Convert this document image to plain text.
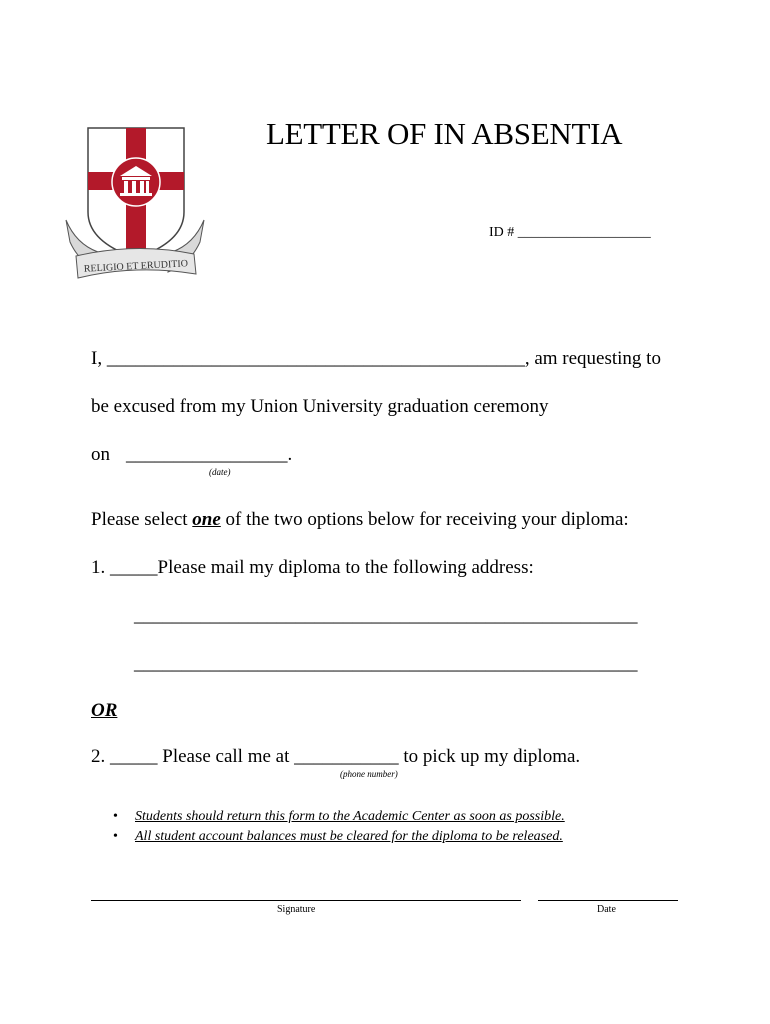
RELIGIO ET ERUDITIO
LETTER OF IN ABSENTIA
ID # ___________________
I, ____________________________________________, am requesting to
be excused from my Union University graduation ceremony
on _________________.
(date)
Please select one of the two options below for receiving your diploma:
1. _____Please mail my diploma to the following address:
_____________________________________________________
_____________________________________________________
OR
2. _____ Please call me at ___________ to pick up my diploma.
(phone number)
• Students should return this form to the Academic Center as soon as possible.
• All student account balances must be cleared for the diploma to be released.
Signature	Date
